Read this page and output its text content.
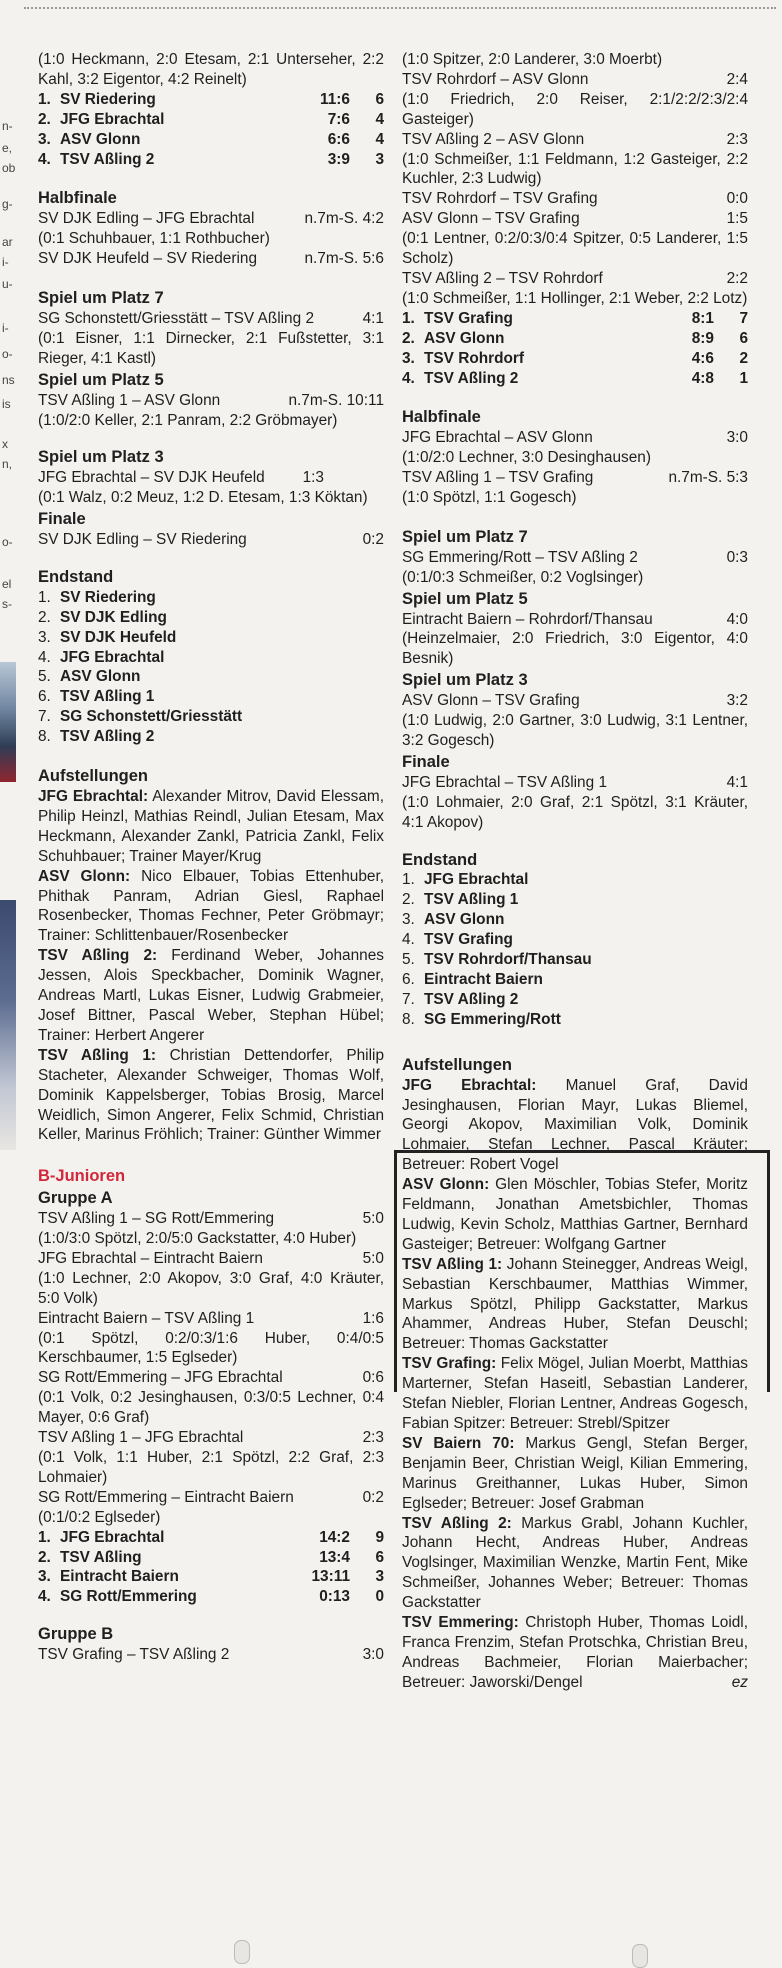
n-
e,
ob
g-
ar
i-
u-
i-
o-
ns
is
x
n,
o-
el
s-

(1:0 Heckmann, 2:0 Etesam, 2:1 Unterseher, 2:2 Kahl, 3:2 Eigentor, 4:2 Reinelt)

1. SV Riedering	11:6	6
2. JFG Ebrachtal	7:6	4
3. ASV Glonn	6:6	4
4. TSV Aßling 2	3:9	3
Halbfinale
SV DJK Edling – JFG Ebrachtal	n.7m-S. 4:2

(0:1 Schuhbauer, 1:1 Rothbucher)

SV DJK Heufeld – SV Riedering	n.7m-S. 5:6
Spiel um Platz 7
SG Schonstett/Griesstätt – TSV Aßling 2	4:1

(0:1 Eisner, 1:1 Dirnecker, 2:1 Fußstetter, 3:1 Rieger, 4:1 Kastl)

Spiel um Platz 5
TSV Aßling 1 – ASV Glonn	n.7m-S. 10:11

(1:0/2:0 Keller, 2:1 Panram, 2:2 Gröbmayer)

Spiel um Platz 3
JFG Ebrachtal – SV DJK Heufeld	1:3

(0:1 Walz, 0:2 Meuz, 1:2 D. Etesam, 1:3 Köktan)

Finale
SV DJK Edling – SV Riedering	0:2
Endstand
1. SV Riedering
2. SV DJK Edling
3. SV DJK Heufeld
4. JFG Ebrachtal
5. ASV Glonn
6. TSV Aßling 1
7. SG Schonstett/Griesstätt
8. TSV Aßling 2
Aufstellungen

JFG Ebrachtal: Alexander Mitrov, David Elessam, Philip Heinzl, Mathias Reindl, Julian Etesam, Max Heckmann, Alexander Zankl, Patricia Zankl, Felix Schuhbauer; Trainer Mayer/Krug

ASV Glonn: Nico Elbauer, Tobias Ettenhuber, Phithak Panram, Adrian Giesl, Raphael Rosenbecker, Thomas Fechner, Peter Gröbmayr; Trainer: Schlittenbauer/Rosenbecker

TSV Aßling 2: Ferdinand Weber, Johannes Jessen, Alois Speckbacher, Dominik Wagner, Andreas Martl, Lukas Eisner, Ludwig Grabmeier, Josef Bittner, Pascal Weber, Stephan Hübel; Trainer: Herbert Angerer

TSV Aßling 1: Christian Dettendorfer, Philip Stacheter, Alexander Schweiger, Thomas Wolf, Dominik Kappelsberger, Tobias Brosig, Marcel Weidlich, Simon Angerer, Felix Schmid, Christian Keller, Marinus Fröhlich; Trainer: Günther Wimmer

B-Junioren
Gruppe A
TSV Aßling 1 – SG Rott/Emmering	5:0

(1:0/3:0 Spötzl, 2:0/5:0 Gackstatter, 4:0 Huber)

JFG Ebrachtal – Eintracht Baiern	5:0

(1:0 Lechner, 2:0 Akopov, 3:0 Graf, 4:0 Kräuter, 5:0 Volk)

Eintracht Baiern – TSV Aßling 1	1:6

(0:1 Spötzl, 0:2/0:3/1:6 Huber, 0:4/0:5 Kerschbaumer, 1:5 Eglseder)

SG Rott/Emmering – JFG Ebrachtal	0:6

(0:1 Volk, 0:2 Jesinghausen, 0:3/0:5 Lechner, 0:4 Mayer, 0:6 Graf)

TSV Aßling 1 – JFG Ebrachtal	2:3

(0:1 Volk, 1:1 Huber, 2:1 Spötzl, 2:2 Graf, 2:3 Lohmaier)

SG Rott/Emmering – Eintracht Baiern	0:2

(0:1/0:2 Eglseder)

1. JFG Ebrachtal	14:2	9
2. TSV Aßling	13:4	6
3. Eintracht Baiern	13:11	3
4. SG Rott/Emmering	0:13	0
Gruppe B
TSV Grafing – TSV Aßling 2	3:0

(1:0 Spitzer, 2:0 Landerer, 3:0 Moerbt)

TSV Rohrdorf – ASV Glonn	2:4

(1:0 Friedrich, 2:0 Reiser, 2:1/2:2/2:3/2:4 Gasteiger)

TSV Aßling 2 – ASV Glonn	2:3

(1:0 Schmeißer, 1:1 Feldmann, 1:2 Gasteiger, 2:2 Kuchler, 2:3 Ludwig)

TSV Rohrdorf – TSV Grafing	0:0
ASV Glonn – TSV Grafing	1:5

(0:1 Lentner, 0:2/0:3/0:4 Spitzer, 0:5 Landerer, 1:5 Scholz)

TSV Aßling 2 – TSV Rohrdorf	2:2

(1:0 Schmeißer, 1:1 Hollinger, 2:1 Weber, 2:2 Lotz)

1. TSV Grafing	8:1	7
2. ASV Glonn	8:9	6
3. TSV Rohrdorf	4:6	2
4. TSV Aßling 2	4:8	1
Halbfinale
JFG Ebrachtal – ASV Glonn	3:0

(1:0/2:0 Lechner, 3:0 Desinghausen)

TSV Aßling 1 – TSV Grafing	n.7m-S. 5:3

(1:0 Spötzl, 1:1 Gogesch)

Spiel um Platz 7
SG Emmering/Rott – TSV Aßling 2	0:3

(0:1/0:3 Schmeißer, 0:2 Voglsinger)

Spiel um Platz 5
Eintracht Baiern – Rohrdorf/Thansau	4:0

(Heinzelmaier, 2:0 Friedrich, 3:0 Eigentor, 4:0 Besnik)

Spiel um Platz 3
ASV Glonn – TSV Grafing	3:2

(1:0 Ludwig, 2:0 Gartner, 3:0 Ludwig, 3:1 Lentner, 3:2 Gogesch)

Finale
JFG Ebrachtal – TSV Aßling 1	4:1

(1:0 Lohmaier, 2:0 Graf, 2:1 Spötzl, 3:1 Kräuter, 4:1 Akopov)

Endstand
1. JFG Ebrachtal
2. TSV Aßling 1
3. ASV Glonn
4. TSV Grafing
5. TSV Rohrdorf/Thansau
6. Eintracht Baiern
7. TSV Aßling 2
8. SG Emmering/Rott
Aufstellungen

JFG Ebrachtal: Manuel Graf, David Jesinghausen, Florian Mayr, Lukas Bliemel, Georgi Akopov, Maximilian Volk, Dominik Lohmaier, Stefan Lechner, Pascal Kräuter; Betreuer: Robert Vogel

ASV Glonn: Glen Möschler, Tobias Stefer, Moritz Feldmann, Jonathan Ametsbichler, Thomas Ludwig, Kevin Scholz, Matthias Gartner, Bernhard Gasteiger; Betreuer: Wolfgang Gartner

TSV Aßling 1: Johann Steinegger, Andreas Weigl, Sebastian Kerschbaumer, Matthias Wimmer, Markus Spötzl, Philipp Gackstatter, Markus Ahammer, Andreas Huber, Stefan Deuschl; Betreuer: Thomas Gackstatter

TSV Grafing: Felix Mögel, Julian Moerbt, Matthias Marterner, Stefan Haseitl, Sebastian Landerer, Stefan Niebler, Florian Lentner, Andreas Gogesch, Fabian Spitzer: Betreuer: Strebl/Spitzer

SV Baiern 70: Markus Gengl, Stefan Berger, Benjamin Beer, Christian Weigl, Kilian Emmering, Marinus Greithanner, Lukas Huber, Simon Eglseder; Betreuer: Josef Grabman

TSV Aßling 2: Markus Grabl, Johann Kuchler, Johann Hecht, Andreas Huber, Andreas Voglsinger, Maximilian Wenzke, Martin Fent, Mike Schmeißer, Johannes Weber; Betreuer: Thomas Gackstatter

TSV Emmering: Christoph Huber, Thomas Loidl, Franca Frenzim, Stefan Protschka, Christian Breu, Andreas Bachmeier, Florian Maierbacher; Betreuer: Jaworski/Dengel	ez
